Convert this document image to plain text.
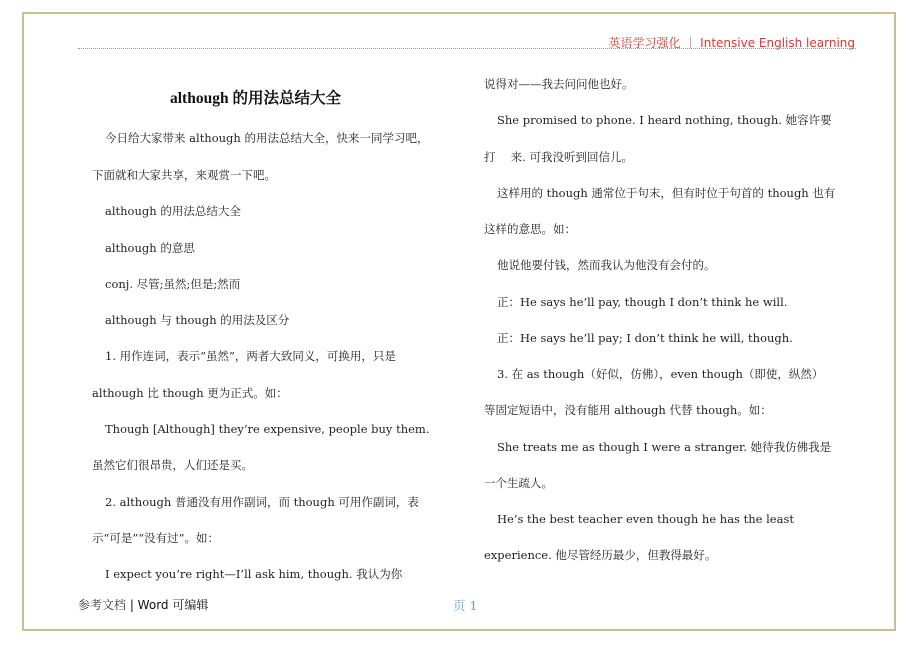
英语学习强化 ｜ Intensive English learning
although 的用法总结大全
今日给大家带来 although 的用法总结大全，快来一同学习吧，
下面就和大家共享，来观赏一下吧。
although 的用法总结大全
although 的意思
conj. 尽管;虽然;但是;然而
although 与 though 的用法及区分
1. 用作连词，表示“虽然”，两者大致同义，可换用，只是
although 比 though 更为正式。如：
Though [Although] they’re expensive, people buy them.
虽然它们很昂贵，人们还是买。
2. although 普通没有用作副词，而 though 可用作副词，表
示“可是”“没有过”。如：
I expect you’re right—I’ll ask him, though. 我认为你
说得对——我去问问他也好。
She promised to phone. I heard nothing, though. 她容许要
打　 来. 可我没听到回信儿。
这样用的 though 通常位于句末，但有时位于句首的 though 也有
这样的意思。如：
他说他要付钱，然而我认为他没有会付的。
正：He says he’ll pay, though I don’t think he will.
正：He says he’ll pay; I don’t think he will, though.
3. 在 as though（好似，仿佛），even though（即使，纵然）
等固定短语中，没有能用 although 代替 though。如：
She treats me as though I were a stranger. 她待我仿佛我是
一个生疏人。
He’s the best teacher even though he has the least
experience. 他尽管经历最少，但教得最好。
参考文档 | Word 可编辑	页 1
